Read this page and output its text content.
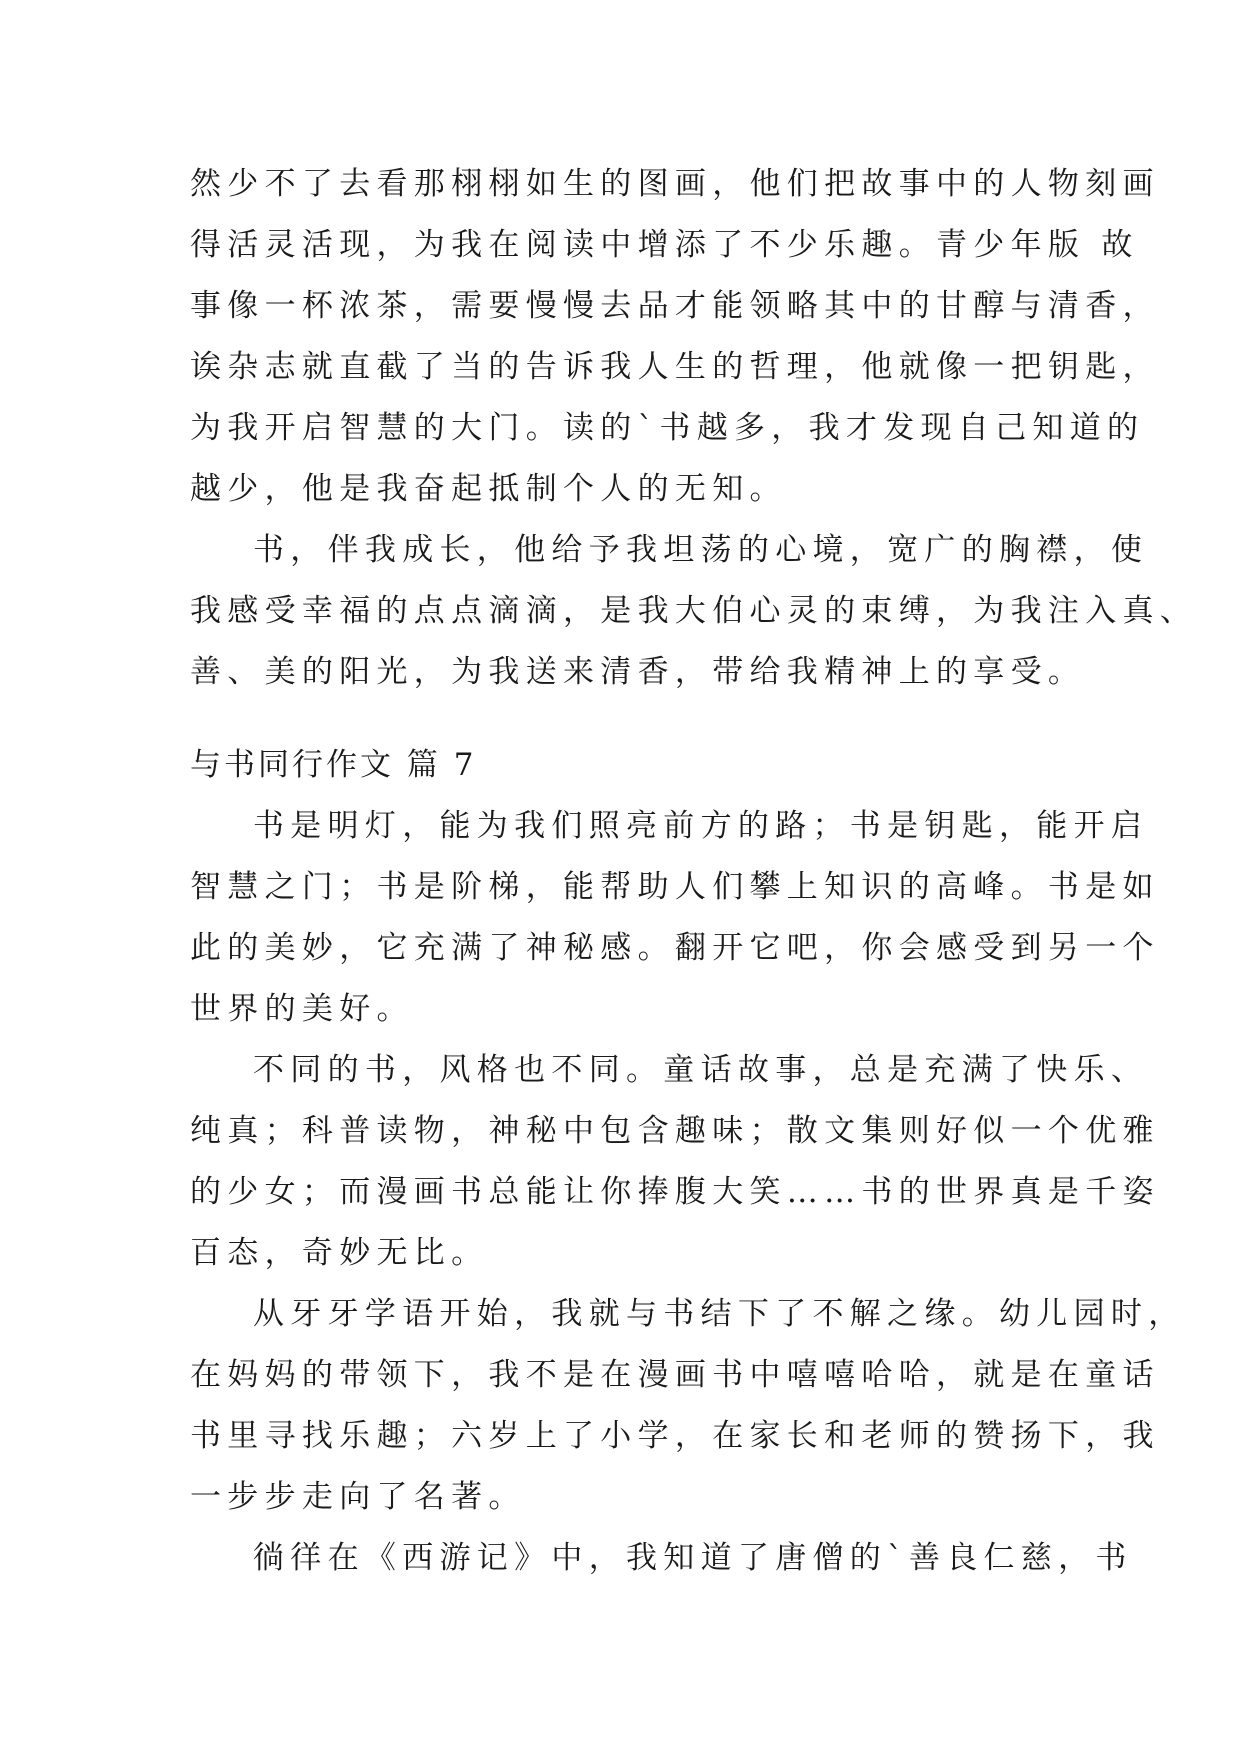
然少不了去看那栩栩如生的图画，他们把故事中的人物刻画
得活灵活现，为我在阅读中增添了不少乐趣。青少年版 故
事像一杯浓茶，需要慢慢去品才能领略其中的甘醇与清香，
诶杂志就直截了当的告诉我人生的哲理，他就像一把钥匙，
为我开启智慧的大门。读的`书越多，我才发现自己知道的
越少，他是我奋起抵制个人的无知。
书，伴我成长，他给予我坦荡的心境，宽广的胸襟，使
我感受幸福的点点滴滴，是我大伯心灵的束缚，为我注入真、
善、美的阳光，为我送来清香，带给我精神上的享受。
与书同行作文 篇 7
书是明灯，能为我们照亮前方的路；书是钥匙，能开启
智慧之门；书是阶梯，能帮助人们攀上知识的高峰。书是如
此的美妙，它充满了神秘感。翻开它吧，你会感受到另一个
世界的美好。
不同的书，风格也不同。童话故事，总是充满了快乐、
纯真；科普读物，神秘中包含趣味；散文集则好似一个优雅
的少女；而漫画书总能让你捧腹大笑……书的世界真是千姿
百态，奇妙无比。
从牙牙学语开始，我就与书结下了不解之缘。幼儿园时，
在妈妈的带领下，我不是在漫画书中嘻嘻哈哈，就是在童话
书里寻找乐趣；六岁上了小学，在家长和老师的赞扬下，我
一步步走向了名著。
徜徉在《西游记》中，我知道了唐僧的`善良仁慈，书
